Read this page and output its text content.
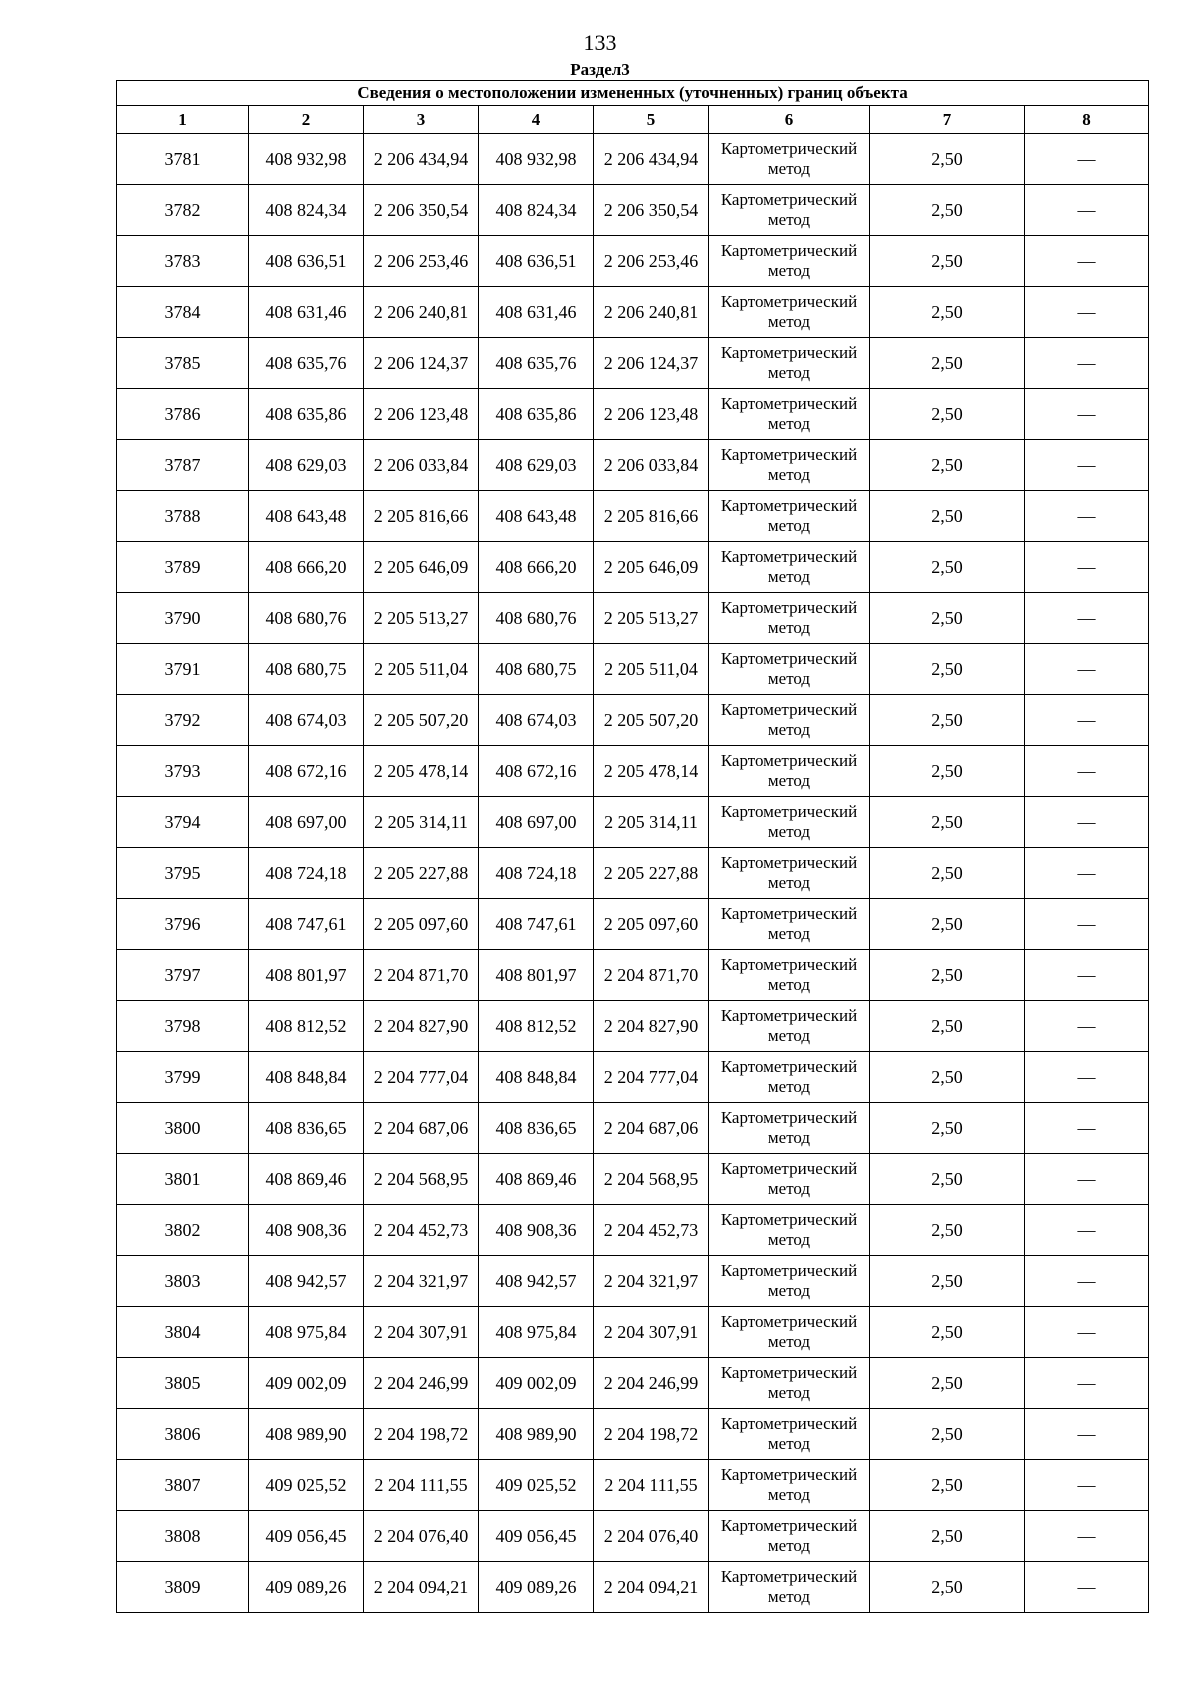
133
Раздел3
Сведения о местоположении измененных (уточненных) границ объекта							
1	2	3	4	5	6	7	8
3781	408 932,98	2 206 434,94	408 932,98	2 206 434,94	Картометрический метод	2,50	—
3782	408 824,34	2 206 350,54	408 824,34	2 206 350,54	Картометрический метод	2,50	—
3783	408 636,51	2 206 253,46	408 636,51	2 206 253,46	Картометрический метод	2,50	—
3784	408 631,46	2 206 240,81	408 631,46	2 206 240,81	Картометрический метод	2,50	—
3785	408 635,76	2 206 124,37	408 635,76	2 206 124,37	Картометрический метод	2,50	—
3786	408 635,86	2 206 123,48	408 635,86	2 206 123,48	Картометрический метод	2,50	—
3787	408 629,03	2 206 033,84	408 629,03	2 206 033,84	Картометрический метод	2,50	—
3788	408 643,48	2 205 816,66	408 643,48	2 205 816,66	Картометрический метод	2,50	—
3789	408 666,20	2 205 646,09	408 666,20	2 205 646,09	Картометрический метод	2,50	—
3790	408 680,76	2 205 513,27	408 680,76	2 205 513,27	Картометрический метод	2,50	—
3791	408 680,75	2 205 511,04	408 680,75	2 205 511,04	Картометрический метод	2,50	—
3792	408 674,03	2 205 507,20	408 674,03	2 205 507,20	Картометрический метод	2,50	—
3793	408 672,16	2 205 478,14	408 672,16	2 205 478,14	Картометрический метод	2,50	—
3794	408 697,00	2 205 314,11	408 697,00	2 205 314,11	Картометрический метод	2,50	—
3795	408 724,18	2 205 227,88	408 724,18	2 205 227,88	Картометрический метод	2,50	—
3796	408 747,61	2 205 097,60	408 747,61	2 205 097,60	Картометрический метод	2,50	—
3797	408 801,97	2 204 871,70	408 801,97	2 204 871,70	Картометрический метод	2,50	—
3798	408 812,52	2 204 827,90	408 812,52	2 204 827,90	Картометрический метод	2,50	—
3799	408 848,84	2 204 777,04	408 848,84	2 204 777,04	Картометрический метод	2,50	—
3800	408 836,65	2 204 687,06	408 836,65	2 204 687,06	Картометрический метод	2,50	—
3801	408 869,46	2 204 568,95	408 869,46	2 204 568,95	Картометрический метод	2,50	—
3802	408 908,36	2 204 452,73	408 908,36	2 204 452,73	Картометрический метод	2,50	—
3803	408 942,57	2 204 321,97	408 942,57	2 204 321,97	Картометрический метод	2,50	—
3804	408 975,84	2 204 307,91	408 975,84	2 204 307,91	Картометрический метод	2,50	—
3805	409 002,09	2 204 246,99	409 002,09	2 204 246,99	Картометрический метод	2,50	—
3806	408 989,90	2 204 198,72	408 989,90	2 204 198,72	Картометрический метод	2,50	—
3807	409 025,52	2 204 111,55	409 025,52	2 204 111,55	Картометрический метод	2,50	—
3808	409 056,45	2 204 076,40	409 056,45	2 204 076,40	Картометрический метод	2,50	—
3809	409 089,26	2 204 094,21	409 089,26	2 204 094,21	Картометрический метод	2,50	—
